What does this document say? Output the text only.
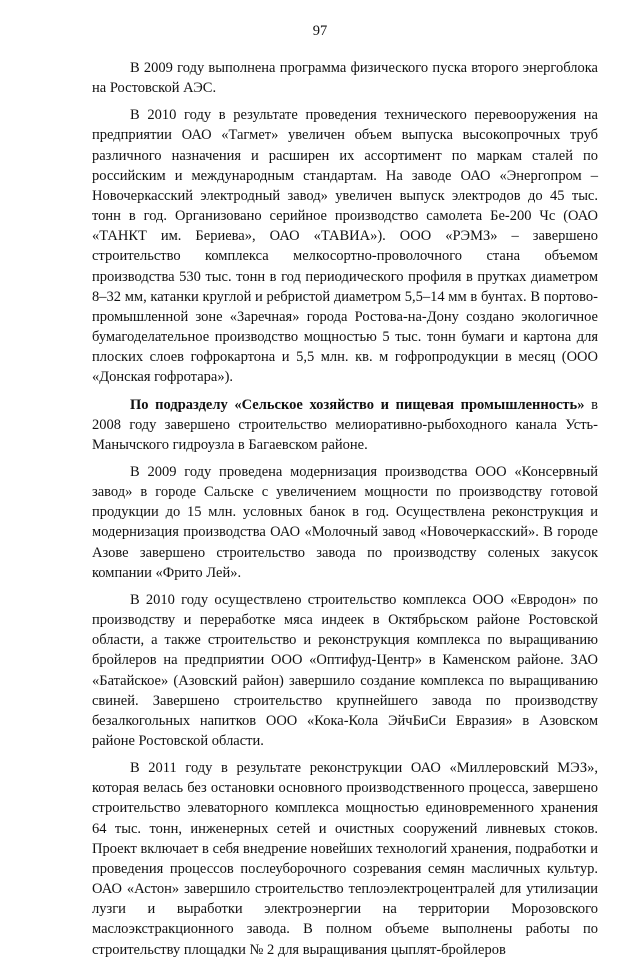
97

В 2009 году выполнена программа физического пуска второго энергоблока на Ростовской АЭС.

В 2010 году в результате проведения технического перевооружения на предприятии ОАО «Тагмет» увеличен объем выпуска высокопрочных труб различного назначения и расширен их ассортимент по маркам сталей по российским и международным стандартам. На заводе ОАО «Энергопром – Новочеркасский электродный завод» увеличен выпуск электродов до 45 тыс. тонн в год. Организовано серийное производство самолета Бе-200 Чс (ОАО «ТАНКТ им. Бериева», ОАО «ТАВИА»). ООО «РЭМЗ» – завершено строительство комплекса мелкосортно-проволочного стана объемом производства 530 тыс. тонн в год периодического профиля в прутках диаметром 8–32 мм, катанки круглой и ребристой диаметром 5,5–14 мм в бунтах. В портово-промышленной зоне «Заречная» города Ростова-на-Дону создано экологичное бумагоделательное производство мощностью 5 тыс. тонн бумаги и картона для плоских слоев гофрокартона и 5,5 млн. кв. м гофропродукции в месяц (ООО «Донская гофротара»).

По подразделу «Сельское хозяйство и пищевая промышленность» в 2008 году завершено строительство мелиоративно-рыбоходного канала Усть-Манычского гидроузла в Багаевском районе.

В 2009 году проведена модернизация производства ООО «Консервный завод» в городе Сальске с увеличением мощности по производству готовой продукции до 15 млн. условных банок в год. Осуществлена реконструкция и модернизация производства ОАО «Молочный завод «Новочеркасский». В городе Азове завершено строительство завода по производству соленых закусок компании «Фрито Лей».

В 2010 году осуществлено строительство комплекса ООО «Евродон» по производству и переработке мяса индеек в Октябрьском районе Ростовской области, а также строительство и реконструкция комплекса по выращиванию бройлеров на предприятии ООО «Оптифуд-Центр» в Каменском районе. ЗАО «Батайское» (Азовский район) завершило создание комплекса по выращиванию свиней. Завершено строительство крупнейшего завода по производству безалкогольных напитков ООО «Кока-Кола ЭйчБиСи Евразия» в Азовском районе Ростовской области.

В 2011 году в результате реконструкции ОАО «Миллеровский МЭЗ», которая велась без остановки основного производственного процесса, завершено строительство элеваторного комплекса мощностью единовременного хранения 64 тыс. тонн, инженерных сетей и очистных сооружений ливневых стоков. Проект включает в себя внедрение новейших технологий хранения, подработки и проведения процессов послеуборочного созревания семян масличных культур. ОАО «Астон» завершило строительство теплоэлектроцентралей для утилизации лузги и выработки электроэнергии на территории Морозовского маслоэкстракционного завода. В полном объеме выполнены работы по строительству площадки № 2 для выращивания цыплят-бройлеров
